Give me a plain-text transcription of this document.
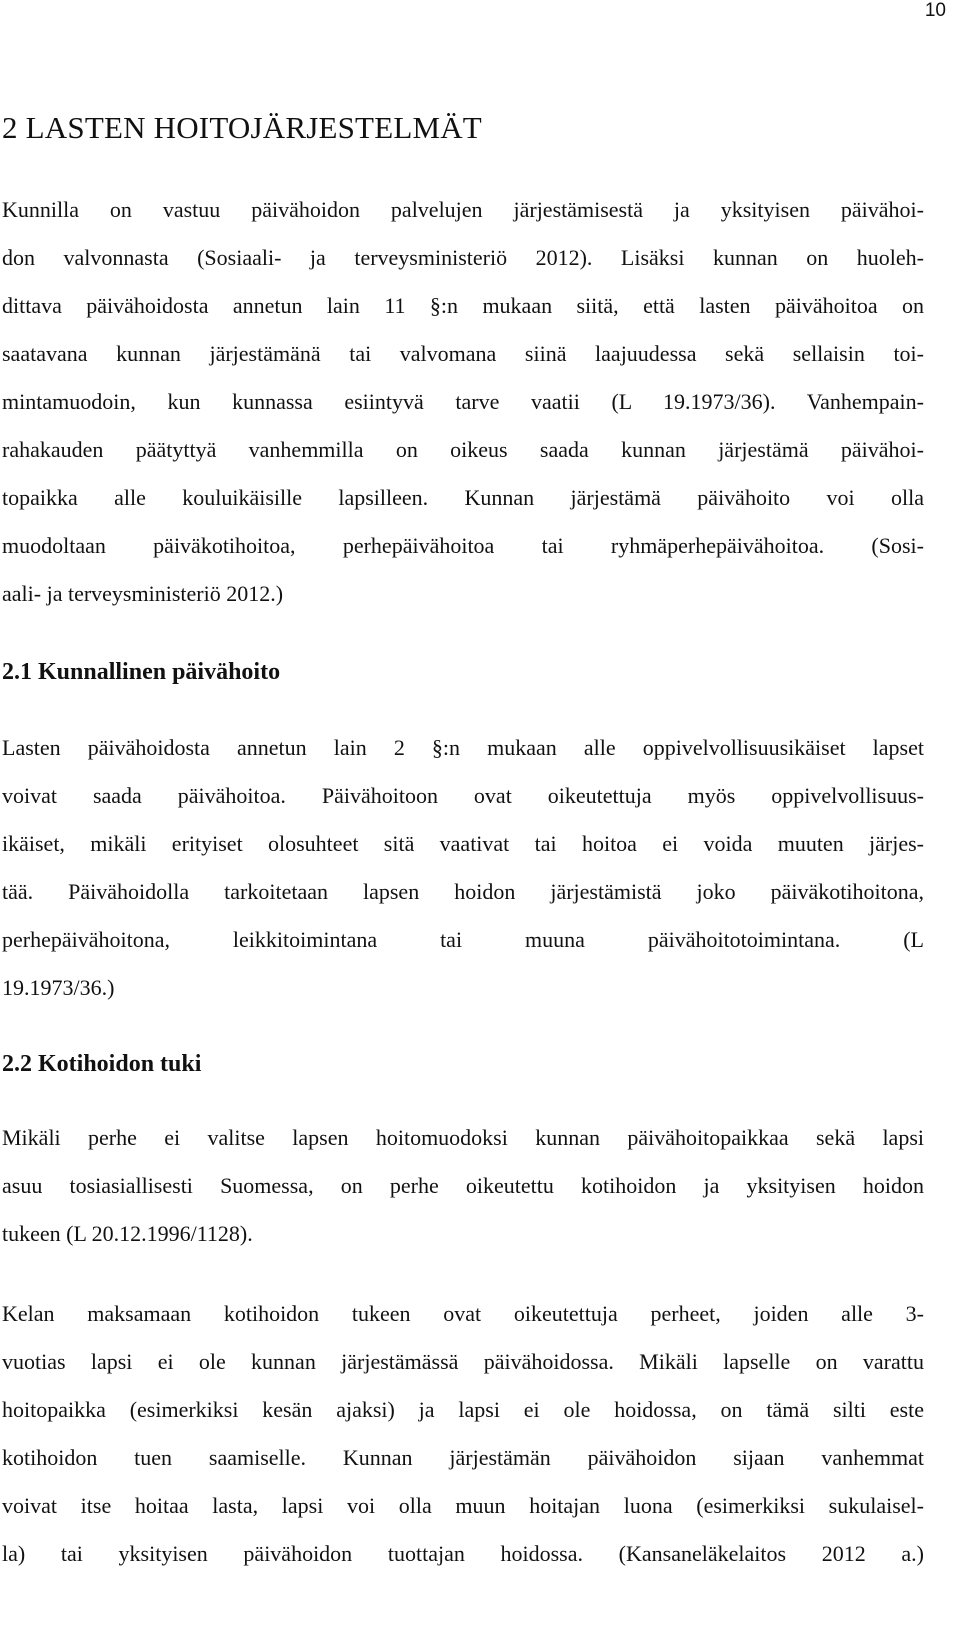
10
2 LASTEN HOITOJÄRJESTELMÄT
Kunnilla on vastuu päivähoidon palvelujen järjestämisestä ja yksityisen päivähoi-
don valvonnasta (Sosiaali- ja terveysministeriö 2012). Lisäksi kunnan on huoleh-
dittava päivähoidosta annetun lain 11 §:n mukaan siitä, että lasten päivähoitoa on
saatavana kunnan järjestämänä tai valvomana siinä laajuudessa sekä sellaisin toi-
mintamuodoin, kun kunnassa esiintyvä tarve vaatii (L 19.1973/36). Vanhempain-
rahakauden päätyttyä vanhemmilla on oikeus saada kunnan järjestämä päivähoi-
topaikka alle kouluikäisille lapsilleen. Kunnan järjestämä päivähoito voi olla
muodoltaan päiväkotihoitoa, perhepäivähoitoa tai ryhmäperhepäivähoitoa. (Sosi-
aali- ja terveysministeriö 2012.)
2.1 Kunnallinen päivähoito
Lasten päivähoidosta annetun lain 2 §:n mukaan alle oppivelvollisuusikäiset lapset
voivat saada päivähoitoa. Päivähoitoon ovat oikeutettuja myös oppivelvollisuus-
ikäiset, mikäli erityiset olosuhteet sitä vaativat tai hoitoa ei voida muuten järjes-
tää. Päivähoidolla tarkoitetaan lapsen hoidon järjestämistä joko päiväkotihoitona,
perhepäivähoitona, leikkitoimintana tai muuna päivähoitotoimintana. (L
19.1973/36.)
2.2 Kotihoidon tuki
Mikäli perhe ei valitse lapsen hoitomuodoksi kunnan päivähoitopaikkaa sekä lapsi
asuu tosiasiallisesti Suomessa, on perhe oikeutettu kotihoidon ja yksityisen hoidon
tukeen (L 20.12.1996/1128).
Kelan maksamaan kotihoidon tukeen ovat oikeutettuja perheet, joiden alle 3-
vuotias lapsi ei ole kunnan järjestämässä päivähoidossa. Mikäli lapselle on varattu
hoitopaikka (esimerkiksi kesän ajaksi) ja lapsi ei ole hoidossa, on tämä silti este
kotihoidon tuen saamiselle. Kunnan järjestämän päivähoidon sijaan vanhemmat
voivat itse hoitaa lasta, lapsi voi olla muun hoitajan luona (esimerkiksi sukulaisel-
la) tai yksityisen päivähoidon tuottajan hoidossa. (Kansaneläkelaitos 2012 a.)
